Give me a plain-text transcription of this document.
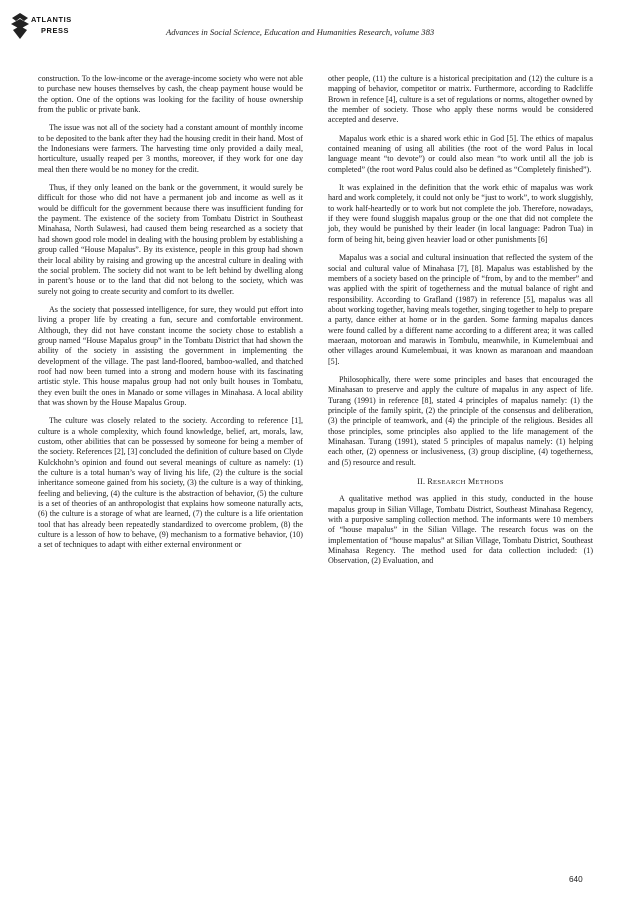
ATLANTIS
PRESS	Advances in Social Science, Education and Humanities Research, volume 383

construction. To the low-income or the average-income society who were not able to purchase new houses themselves by cash, the cheap payment house would be the option. One of the options was looking for the facility of house ownership from the public or private bank.

The issue was not all of the society had a constant amount of monthly income to be deposited to the bank after they had the housing credit in their hand. Most of the Indonesians were farmers. The harvesting time only provided a daily meal, horticulture, usually reaped per 3 months, moreover, if they work for one day meal then there would be no money for the credit.

Thus, if they only leaned on the bank or the government, it would surely be difficult for those who did not have a permanent job and income as well as it would be difficult for the government because there was insufficient funding for the payment. The existence of the society from Tombatu District in Southeast Minahasa, North Sulawesi, had caused them being researched as a society that had shown good role model in dealing with the housing problem by establishing a group called “House Mapalus”. By its existence, people in this group had shown their local ability by raising and growing up the ancestral culture in dealing with the social problem. The society did not want to be left behind by dwelling along in parent’s house or to the land that did not belong to the society, which was surely not going to create security and comfort to its dweller.

As the society that possessed intelligence, for sure, they would put effort into living a proper life by creating a fun, secure and comfortable environment. Although, they did not have constant income the society chose to establish a group named “House Mapalus group” in the Tombatu District that had shown the ability of the society in assisting the government in implementing the development of the village. The past land-floored, bamboo-walled, and thatched roof had now been turned into a strong and modern house with its fascinating artistic style. This house mapalus group had not only built houses in Tombatu, they even built the ones in Manado or some villages in Minahasa. A local ability that was shown by the House Mapalus Group.

The culture was closely related to the society. According to reference [1], culture is a whole complexity, which found knowledge, belief, art, morals, law, custom, other abilities that can be possessed by someone for being a member of the society. References [2], [3] concluded the definition of culture based on Clyde Kulckhohn’s opinion and found out several meanings of culture as namely: (1) the culture is a total human’s way of living his life, (2) the culture is the social inheritance someone gained from his society, (3) the culture is a way of thinking, feeling and believing, (4) the culture is the abstraction of behavior, (5) the culture is a set of theories of an anthropologist that explains how someone naturally acts, (6) the culture is a storage of what are learned, (7) the culture is a life orientation tool that has already been repeatedly standardized to overcome problem, (8) the culture is a lesson of how to behave, (9) mechanism to a formative behavior, (10) a set of techniques to adapt with either external environment or

other people, (11) the culture is a historical precipitation and (12) the culture is a mapping of behavior, competitor or matrix. Furthermore, according to Radcliffe Brown in refence [4], culture is a set of regulations or norms, altogether owned by the member of society. Those who apply these norms would be considered accepted and deserve.

Mapalus work ethic is a shared work ethic in God [5]. The ethics of mapalus contained meaning of using all abilities (the root of the word Palus in local language meant “to devote”) or could also mean “to work until all the job is completed” (the root word Palus could also be defined as “Completely finished”).

It was explained in the definition that the work ethic of mapalus was work hard and work completely, it could not only be “just to work”, to work sluggishly, to work half-heartedly or to work but not complete the job. Therefore, nowadays, if they were found sluggish mapalus group or the one that did not complete the job, they would be punished by their leader (in local language: Padron Tua) in form of being hit, being given heavier load or other punishments [6]

Mapalus was a social and cultural insinuation that reflected the system of the social and cultural value of Minahasa [7], [8]. Mapalus was established by the members of a society based on the principle of “from, by and to the member” and was applied with the spirit of togetherness and the mutual balance of right and responsibility. According to Grafland (1987) in reference [5], mapalus was all about working together, having meals together, singing together to help to prepare a party, dance either at home or in the garden. Some farming mapalus dances were found called by a different name according to a different area; it was called maeraan, motoroan and marawis in Tombulu, meanwhile, in Kumelembuai and other villages around Kumelembuai, it was known as maranoan and maandoan [5].

Philosophically, there were some principles and bases that encouraged the Minahasan to preserve and apply the culture of mapalus in any aspect of life. Turang (1991) in reference [8], stated 4 principles of mapalus namely: (1) the principle of the family spirit, (2) the principle of the consensus and deliberation, (3) the principle of teamwork, and (4) the principle of the religious. Besides all those principles, some principles also applied to the life management of the Minahasan. Turang (1991), stated 5 principles of mapalus namely: (1) helping each other, (2) openness or inclusiveness, (3) group discipline, (4) togetherness, and (5) resource and result.

II. RESEARCH METHODS

A qualitative method was applied in this study, conducted in the house mapalus group in Silian Village, Tombatu District, Southeast Minahasa Regency, with a purposive sampling collection method. The informants were 10 members of “house mapalus” in the Silian Village. The research focus was on the implementation of “house mapalus” at Silian Village, Tombatu District, Southeast Minahasa Regency. The method used for data collection included: (1) Observation, (2) Evaluation, and

640
